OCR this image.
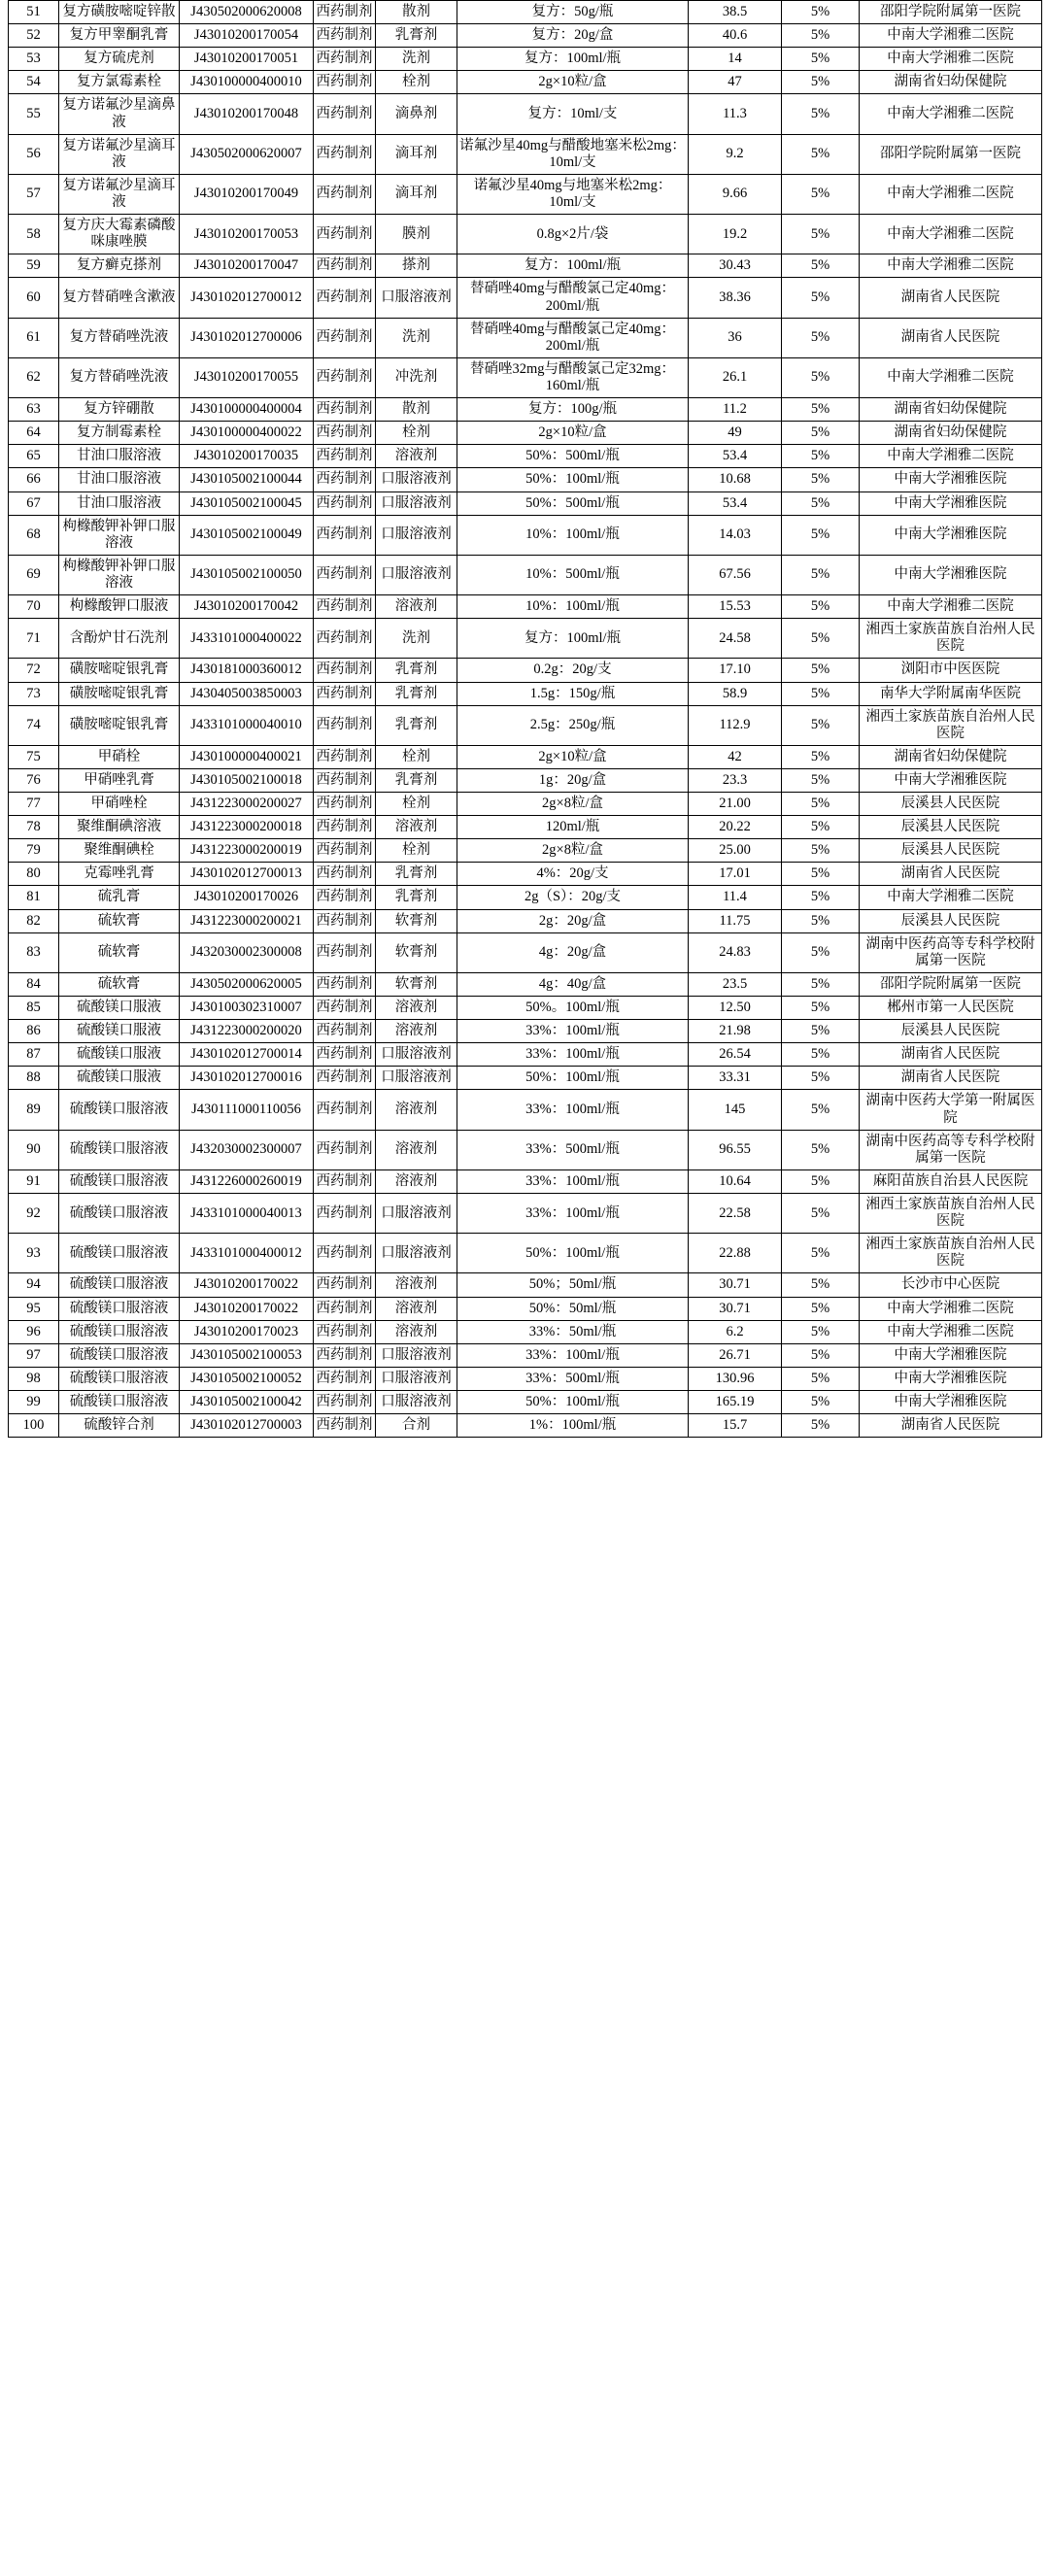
51	复方磺胺嘧啶锌散	J430502000620008	西药制剂	散剂	复方：50g/瓶	38.5	5%	邵阳学院附属第一医院
52	复方甲睾酮乳膏	J43010200170054	西药制剂	乳膏剂	复方：20g/盒	40.6	5%	中南大学湘雅二医院
53	复方硫虎剂	J43010200170051	西药制剂	洗剂	复方：100ml/瓶	14	5%	中南大学湘雅二医院
54	复方氯霉素栓	J430100000400010	西药制剂	栓剂	2g×10粒/盒	47	5%	湖南省妇幼保健院
55	复方诺氟沙星滴鼻液	J43010200170048	西药制剂	滴鼻剂	复方：10ml/支	11.3	5%	中南大学湘雅二医院
56	复方诺氟沙星滴耳液	J430502000620007	西药制剂	滴耳剂	诺氟沙星40mg与醋酸地塞米松2mg：10ml/支	9.2	5%	邵阳学院附属第一医院
57	复方诺氟沙星滴耳液	J43010200170049	西药制剂	滴耳剂	诺氟沙星40mg与地塞米松2mg：10ml/支	9.66	5%	中南大学湘雅二医院
58	复方庆大霉素磷酸咪康唑膜	J43010200170053	西药制剂	膜剂	0.8g×2片/袋	19.2	5%	中南大学湘雅二医院
59	复方癣克搽剂	J43010200170047	西药制剂	搽剂	复方：100ml/瓶	30.43	5%	中南大学湘雅二医院
60	复方替硝唑含漱液	J430102012700012	西药制剂	口服溶液剂	替硝唑40mg与醋酸氯己定40mg：200ml/瓶	38.36	5%	湖南省人民医院
61	复方替硝唑洗液	J430102012700006	西药制剂	洗剂	替硝唑40mg与醋酸氯己定40mg：200ml/瓶	36	5%	湖南省人民医院
62	复方替硝唑洗液	J43010200170055	西药制剂	冲洗剂	替硝唑32mg与醋酸氯己定32mg：160ml/瓶	26.1	5%	中南大学湘雅二医院
63	复方锌硼散	J430100000400004	西药制剂	散剂	复方：100g/瓶	11.2	5%	湖南省妇幼保健院
64	复方制霉素栓	J430100000400022	西药制剂	栓剂	2g×10粒/盒	49	5%	湖南省妇幼保健院
65	甘油口服溶液	J43010200170035	西药制剂	溶液剂	50%：500ml/瓶	53.4	5%	中南大学湘雅二医院
66	甘油口服溶液	J430105002100044	西药制剂	口服溶液剂	50%：100ml/瓶	10.68	5%	中南大学湘雅医院
67	甘油口服溶液	J430105002100045	西药制剂	口服溶液剂	50%：500ml/瓶	53.4	5%	中南大学湘雅医院
68	枸橼酸钾补钾口服溶液	J430105002100049	西药制剂	口服溶液剂	10%：100ml/瓶	14.03	5%	中南大学湘雅医院
69	枸橼酸钾补钾口服溶液	J430105002100050	西药制剂	口服溶液剂	10%：500ml/瓶	67.56	5%	中南大学湘雅医院
70	枸橼酸钾口服液	J43010200170042	西药制剂	溶液剂	10%：100ml/瓶	15.53	5%	中南大学湘雅二医院
71	含酚炉甘石洗剂	J433101000400022	西药制剂	洗剂	复方：100ml/瓶	24.58	5%	湘西土家族苗族自治州人民医院
72	磺胺嘧啶银乳膏	J430181000360012	西药制剂	乳膏剂	0.2g：20g/支	17.10	5%	浏阳市中医医院
73	磺胺嘧啶银乳膏	J430405003850003	西药制剂	乳膏剂	1.5g：150g/瓶	58.9	5%	南华大学附属南华医院
74	磺胺嘧啶银乳膏	J433101000040010	西药制剂	乳膏剂	2.5g：250g/瓶	112.9	5%	湘西土家族苗族自治州人民医院
75	甲硝栓	J430100000400021	西药制剂	栓剂	2g×10粒/盒	42	5%	湖南省妇幼保健院
76	甲硝唑乳膏	J430105002100018	西药制剂	乳膏剂	1g：20g/盒	23.3	5%	中南大学湘雅医院
77	甲硝唑栓	J431223000200027	西药制剂	栓剂	2g×8粒/盒	21.00	5%	辰溪县人民医院
78	聚维酮碘溶液	J431223000200018	西药制剂	溶液剂	120ml/瓶	20.22	5%	辰溪县人民医院
79	聚维酮碘栓	J431223000200019	西药制剂	栓剂	2g×8粒/盒	25.00	5%	辰溪县人民医院
80	克霉唑乳膏	J430102012700013	西药制剂	乳膏剂	4%：20g/支	17.01	5%	湖南省人民医院
81	硫乳膏	J43010200170026	西药制剂	乳膏剂	2g（S）：20g/支	11.4	5%	中南大学湘雅二医院
82	硫软膏	J431223000200021	西药制剂	软膏剂	2g：20g/盒	11.75	5%	辰溪县人民医院
83	硫软膏	J432030002300008	西药制剂	软膏剂	4g：20g/盒	24.83	5%	湖南中医药高等专科学校附属第一医院
84	硫软膏	J430502000620005	西药制剂	软膏剂	4g：40g/盒	23.5	5%	邵阳学院附属第一医院
85	硫酸镁口服液	J430100302310007	西药制剂	溶液剂	50%。100ml/瓶	12.50	5%	郴州市第一人民医院
86	硫酸镁口服液	J431223000200020	西药制剂	溶液剂	33%：100ml/瓶	21.98	5%	辰溪县人民医院
87	硫酸镁口服液	J430102012700014	西药制剂	口服溶液剂	33%：100ml/瓶	26.54	5%	湖南省人民医院
88	硫酸镁口服液	J430102012700016	西药制剂	口服溶液剂	50%：100ml/瓶	33.31	5%	湖南省人民医院
89	硫酸镁口服溶液	J430111000110056	西药制剂	溶液剂	33%：100ml/瓶	145	5%	湖南中医药大学第一附属医院
90	硫酸镁口服溶液	J432030002300007	西药制剂	溶液剂	33%：500ml/瓶	96.55	5%	湖南中医药高等专科学校附属第一医院
91	硫酸镁口服溶液	J431226000260019	西药制剂	溶液剂	33%：100ml/瓶	10.64	5%	麻阳苗族自治县人民医院
92	硫酸镁口服溶液	J433101000040013	西药制剂	口服溶液剂	33%：100ml/瓶	22.58	5%	湘西土家族苗族自治州人民医院
93	硫酸镁口服溶液	J433101000400012	西药制剂	口服溶液剂	50%：100ml/瓶	22.88	5%	湘西土家族苗族自治州人民医院
94	硫酸镁口服溶液	J43010200170022	西药制剂	溶液剂	50%；50ml/瓶	30.71	5%	长沙市中心医院
95	硫酸镁口服溶液	J43010200170022	西药制剂	溶液剂	50%：50ml/瓶	30.71	5%	中南大学湘雅二医院
96	硫酸镁口服溶液	J43010200170023	西药制剂	溶液剂	33%：50ml/瓶	6.2	5%	中南大学湘雅二医院
97	硫酸镁口服溶液	J430105002100053	西药制剂	口服溶液剂	33%：100ml/瓶	26.71	5%	中南大学湘雅医院
98	硫酸镁口服溶液	J430105002100052	西药制剂	口服溶液剂	33%：500ml/瓶	130.96	5%	中南大学湘雅医院
99	硫酸镁口服溶液	J430105002100042	西药制剂	口服溶液剂	50%：100ml/瓶	165.19	5%	中南大学湘雅医院
100	硫酸锌合剂	J430102012700003	西药制剂	合剂	1%：100ml/瓶	15.7	5%	湖南省人民医院
